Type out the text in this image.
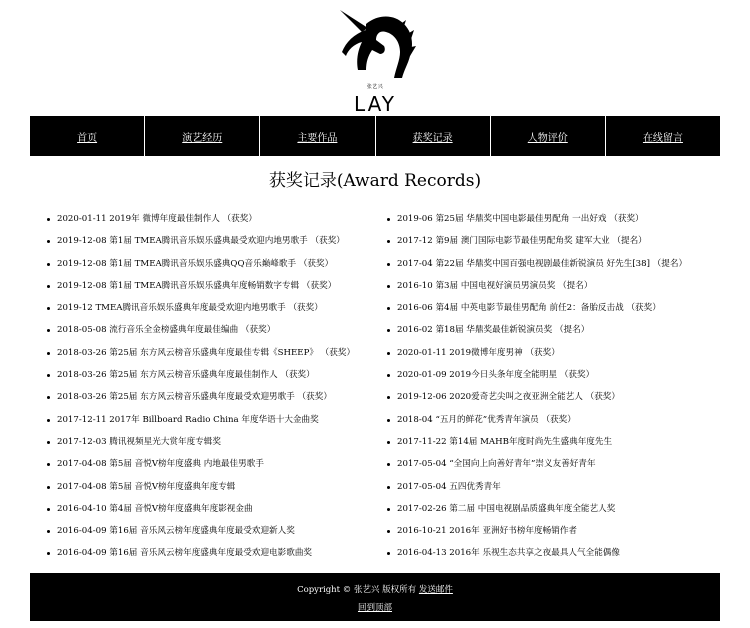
张艺兴
LAY
首页	演艺经历	主要作品	获奖记录	人物评价	在线留言
获奖记录(Award Records)
2020-01-11 2019年 微博年度最佳制作人 （获奖）
2019-12-08 第1届 TMEA腾讯音乐娱乐盛典最受欢迎内地男歌手 （获奖）
2019-12-08 第1届 TMEA腾讯音乐娱乐盛典QQ音乐巅峰歌手 （获奖）
2019-12-08 第1届 TMEA腾讯音乐娱乐盛典年度畅销数字专辑 （获奖）
2019-12 TMEA腾讯音乐娱乐盛典年度最受欢迎内地男歌手 （获奖）
2018-05-08 流行音乐全金榜盛典年度最佳编曲 （获奖）
2018-03-26 第25届 东方风云榜音乐盛典年度最佳专辑《SHEEP》 （获奖）
2018-03-26 第25届 东方风云榜音乐盛典年度最佳制作人 （获奖）
2018-03-26 第25届 东方风云榜音乐盛典年度最受欢迎男歌手 （获奖）
2017-12-11 2017年 Billboard Radio China 年度华语十大金曲奖
2017-12-03 腾讯视频星光大赏年度专辑奖
2017-04-08 第5届 音悦V榜年度盛典 内地最佳男歌手
2017-04-08 第5届 音悦V榜年度盛典年度专辑
2016-04-10 第4届 音悦V榜年度盛典年度影视金曲
2016-04-09 第16届 音乐风云榜年度盛典年度最受欢迎新人奖
2016-04-09 第16届 音乐风云榜年度盛典年度最受欢迎电影歌曲奖
2019-06 第25届 华鼎奖中国电影最佳男配角 一出好戏 （获奖）
2017-12 第9届 澳门国际电影节最佳男配角奖 建军大业 （提名）
2017-04 第22届 华鼎奖中国百强电视剧最佳新锐演员 好先生[38] （提名）
2016-10 第3届 中国电视好演员男演员奖 （提名）
2016-06 第4届 中英电影节最佳男配角 前任2：备胎反击战 （获奖）
2016-02 第18届 华鼎奖最佳新锐演员奖 （提名）
2020-01-11 2019微博年度男神 （获奖）
2020-01-09 2019今日头条年度全能明星 （获奖）
2019-12-06 2020爱奇艺尖叫之夜亚洲全能艺人 （获奖）
2018-04 “五月的鲜花”优秀青年演员 （获奖）
2017-11-22 第14届 MAHB年度时尚先生盛典年度先生
2017-05-04 “全国向上向善好青年”崇义友善好青年
2017-05-04 五四优秀青年
2017-02-26 第二届 中国电视剧品质盛典年度全能艺人奖
2016-10-21 2016年 亚洲好书榜年度畅销作者
2016-04-13 2016年 乐视生态共享之夜最具人气全能偶像
Copyright © 张艺兴 版权所有 发送邮件
回到顶部
